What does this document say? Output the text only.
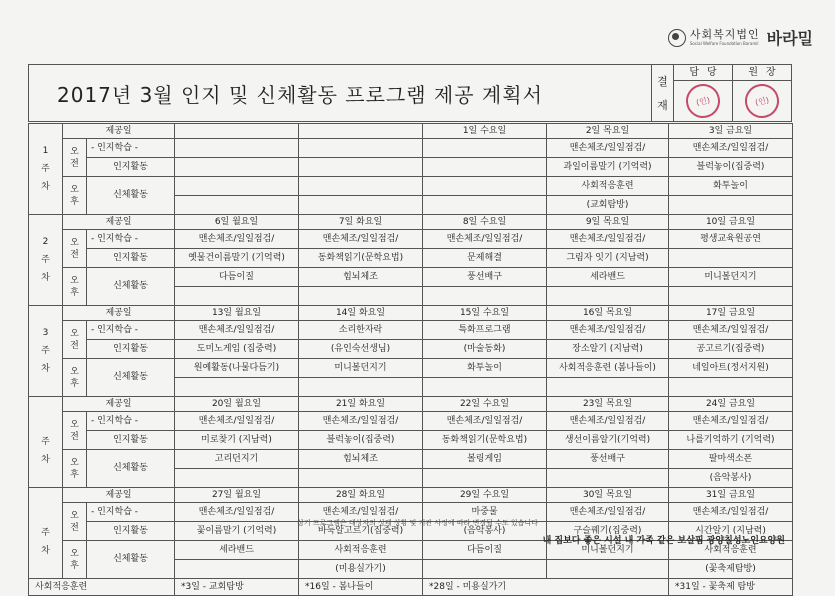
사회복지법인
Social Welfare Foundation Baramil 바라밀
2017년 3월 인지 및 신체활동 프로그램 제공 계획서
결
재
담당
(인)
원장
(인)
1
주
차	제공일				1일 수요일	2일 목요일	3일 금요일
	오
전	- 인지학습 -				맨손체조/일일점검/	맨손체조/일일점검/
		인지활동				과일이름말기 (기억력)	블럭놓이(집중력)
	오
후	신체활동				사회적응훈련	화투놀이
						(교회탐방)	
2
주
차	제공일		6일 월요일	7일 화요일	8일 수요일	9일 목요일	10일 금요일
	오
전	- 인지학습 -	맨손체조/일일점검/	맨손체조/일일점검/	맨손체조/일일점검/	맨손체조/일일점검/	평생교육원공연
		인지활동	옛물건이름말기 (기억력)	동화책읽기(문학요법)	문제해결	그림자 잇기 (지남력)	
	오
후	신체활동	다듬이질	힘뇌체조	풍선배구	세라밴드	미니볼던지기

3
주
차	제공일		13일 월요일	14일 화요일	15일 수요일	16일 목요일	17일 금요일
	오
전	- 인지학습 -	맨손체조/일일점검/	소리한자락	특화프로그램	맨손체조/일일점검/	맨손체조/일일점검/
		인지활동	도미노게임 (집중력)	(유인숙선생님)	(마술동화)	장소알기 (지남력)	공고르기(집중력)
	오
후	신체활동	원예활동(나물다듬기)	미니볼던지기	화투놀이	사회적응훈련 (봄나들이)	네일아트(정서지원)

주
차	제공일		20일 월요일	21일 화요일	22일 수요일	23일 목요일	24일 금요일
	오
전	- 인지학습 -	맨손체조/일일점검/	맨손체조/일일점검/	맨손체조/일일점검/	맨손체조/일일점검/	맨손체조/일일점검/
		인지활동	미로찾기 (지남력)	블럭놓이(집중력)	동화책읽기(문학요법)	생선이름알기(기억력)	나를기억하기 (기억력)
	오
후	신체활동	고리던지기	힘뇌체조	볼링게임	풍선배구	팔마색소폰
							(음악봉사)

주
차	제공일		27일 월요일	28일 화요일	29일 수요일	30일 목요일	31일 금요일
	오
전	- 인지학습 -	맨손체조/일일점검/	맨손체조/일일점검/	마중물	맨손체조/일일점검/	맨손체조/일일점검/
		인지활동	꽃이름말기 (기억력)	바둑알고르기(집중력)	(음악봉사)	구슬꿰기(집중력)	시간알기 (지남력)
	오
후	신체활동	세라밴드	사회적응훈련	다듬이질	미니볼던지기	사회적응훈련
				(미용실가기)			(꽃축제탐방)
사회적응훈련			*3일 - 교회탐방	*16일 - 봄나들이	*28일 - 미용실가기		*31일 - 꽃축제 탐방
상기 프로그램은 대상자의 상태 상황 및 기관 사정에 따라 변경될 수도 있습니다
내 집보다 좋은 시설 내 가족 같은 보살핌 광양칠성노인요양원
